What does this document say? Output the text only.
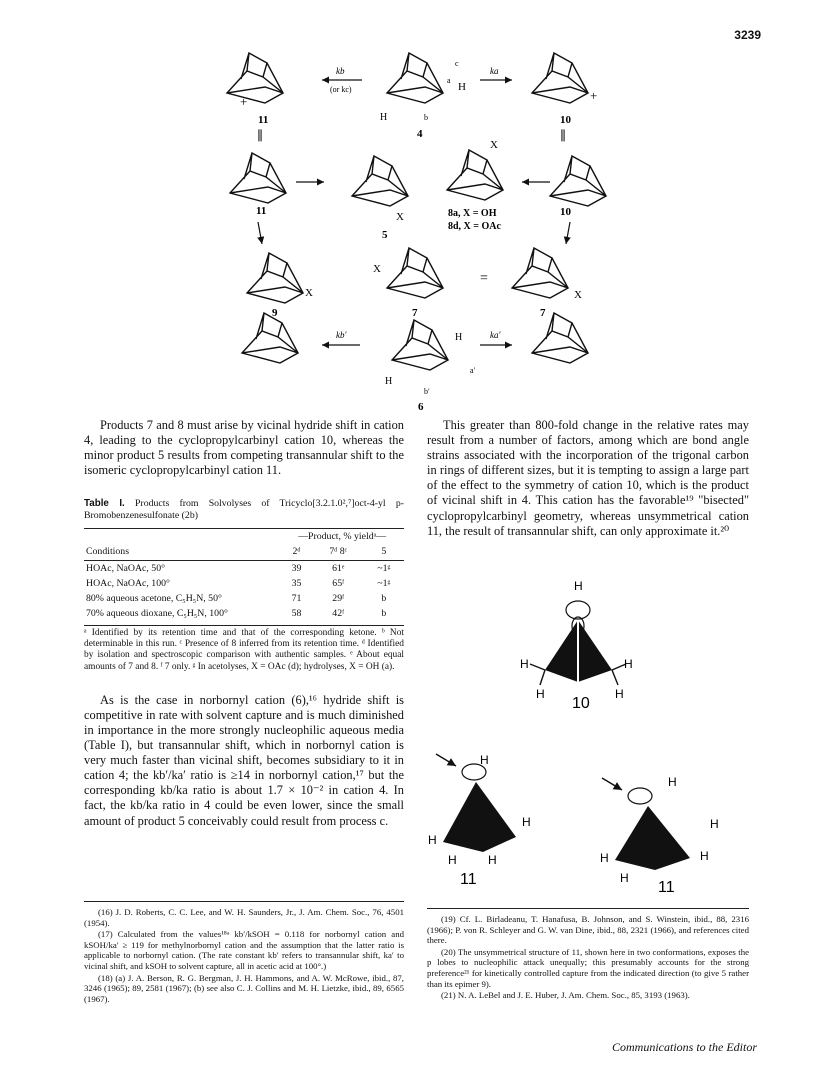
3239
11
+
kb
(or kc)
c
a
H
H	b
4
ka
+
10
∥	∥
11	X
5
X
8a, X = OH
8d, X = OAc
10
X
9
X
7
=
X
7
kb′	H
a′
H
b′
6
ka′
H	H
H
H	H
10
H
H
H	H
H
11
H
H
H
H
H
11

Products 7 and 8 must arise by vicinal hydride shift in cation 4, leading to the cyclopropylcarbinyl cation 10, whereas the minor product 5 results from competing transannular shift to the isomeric cyclopropylcarbinyl cation 11.

Table I. Products from Solvolyses of Tricyclo[3.2.1.0²,⁷]oct-4-yl p-Bromobenzenesulfonate (2b)
	—Product, % yieldᵃ—		
Conditions	2ᵈ	7ᵈ 8ᶜ	5
HOAc, NaOAc, 50°	39	61ᵉ	~1ᵍ
HOAc, NaOAc, 100°	35	65ᶠ	~1ᵍ
80% aqueous acetone, C₅H₅N, 50°	71	29ᶠ	b
70% aqueous dioxane, C₅H₅N, 100°	58	42ᶠ	b
ᵃ Identified by its retention time and that of the corresponding ketone. ᵇ Not determinable in this run. ᶜ Presence of 8 inferred from its retention time. ᵈ Identified by isolation and spectroscopic comparison with authentic samples. ᵉ About equal amounts of 7 and 8. ᶠ 7 only. ᵍ In acetolyses, X = OAc (d); hydrolyses, X = OH (a).

As is the case in norbornyl cation (6),¹⁶ hydride shift is competitive in rate with solvent capture and is much diminished in importance in the more strongly nucleophilic aqueous media (Table I), but transannular shift, which in norbornyl cation is very much faster than vicinal shift, becomes subsidiary to it in cation 4; the kb′/ka′ ratio is ≥14 in norbornyl cation,¹⁷ but the corresponding kb/ka ratio is about 1.7 × 10⁻² in cation 4. In fact, the kb/ka ratio in 4 could be even lower, since the small amount of product 5 conceivably could result from process c.

This greater than 800-fold change in the relative rates may result from a number of factors, among which are bond angle strains associated with the incorporation of the trigonal carbon in rings of different sizes, but it is tempting to assign a large part of the effect to the symmetry of cation 10, which is the product of vicinal shift in 4. This cation has the favorable¹⁹ "bisected" cyclopropylcarbinyl geometry, whereas unsymmetrical cation 11, the result of transannular shift, can only approximate it.²⁰

(16) J. D. Roberts, C. C. Lee, and W. H. Saunders, Jr., J. Am. Chem. Soc., 76, 4501 (1954).

(17) Calculated from the values¹⁸ᵃ kb′/kSOH = 0.118 for norbornyl cation and kSOH/ka′ ≥ 119 for methylnorbornyl cation and the assumption that the latter ratio is applicable to norbornyl cation. (The rate constant kb′ refers to transannular shift, ka′ to vicinal shift, and kSOH to solvent capture, all in acetic acid at 100°.)

(18) (a) J. A. Berson, R. G. Bergman, J. H. Hammons, and A. W. McRowe, ibid., 87, 3246 (1965); 89, 2581 (1967); (b) see also C. J. Collins and M. H. Lietzke, ibid., 89, 6565 (1967).

(19) Cf. L. Birladeanu, T. Hanafusa, B. Johnson, and S. Winstein, ibid., 88, 2316 (1966); P. von R. Schleyer and G. W. van Dine, ibid., 88, 2321 (1966), and references cited there.

(20) The unsymmetrical structure of 11, shown here in two conformations, exposes the p lobes to nucleophilic attack unequally; this presumably accounts for the strong preference²¹ for kinetically controlled capture from the indicated direction (to give 5 rather than its epimer 9).

(21) N. A. LeBel and J. E. Huber, J. Am. Chem. Soc., 85, 3193 (1963).

Communications to the Editor
